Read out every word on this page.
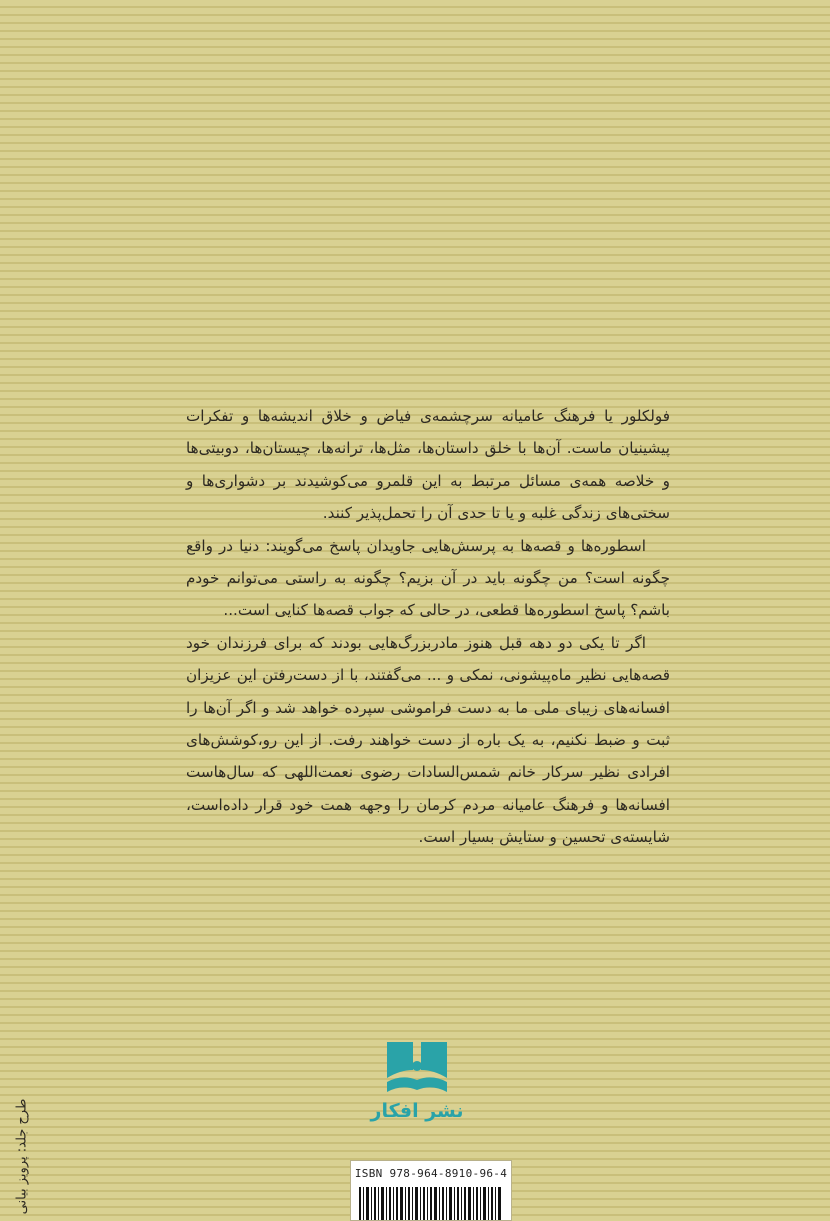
فولکلور یا فرهنگ عامیانه سرچشمه‌ی فیاض و خلاق اندیشه‌ها و تفکرات پیشینیان ماست. آن‌ها با خلق داستان‌ها، مثل‌ها، ترانه‌ها، چیستان‌ها، دوبیتی‌ها و خلاصه همه‌ی مسائل مرتبط به این قلمرو می‌کوشیدند بر دشواری‌ها و سختی‌های زندگی غلبه و یا تا حدی آن را تحمل‌پذیر کنند.

اسطوره‌ها و قصه‌ها به پرسش‌هایی جاویدان پاسخ می‌گویند: دنیا در واقع چگونه است؟ من چگونه باید در آن بزیم؟ چگونه به راستی می‌توانم خودم باشم؟ پاسخ اسطوره‌ها قطعی، در حالی که جواب قصه‌ها کنایی است...

اگر تا یکی دو دهه قبل هنوز مادربزرگ‌هایی بودند که برای فرزندان خود قصه‌هایی نظیر ماه‌پیشونی، نمکی و ... می‌گفتند، با از دست‌رفتن این عزیزان افسانه‌های زیبای ملی ما به دست فراموشی سپرده خواهد شد و اگر آن‌ها را ثبت و ضبط نکنیم، به یک باره از دست خواهند رفت. از این رو،کوشش‌های افرادی نظیر سرکار خانم شمس‌السادات رضوی نعمت‌اللهی که سال‌هاست افسانه‌ها و فرهنگ عامیانه مردم کرمان را وجهه همت خود قرار داده‌است، شایسته‌ی تحسین و ستایش بسیار است.

نشر افکار
ISBN 978-964-8910-96-4
طرح جلد: پرویز بیانی
